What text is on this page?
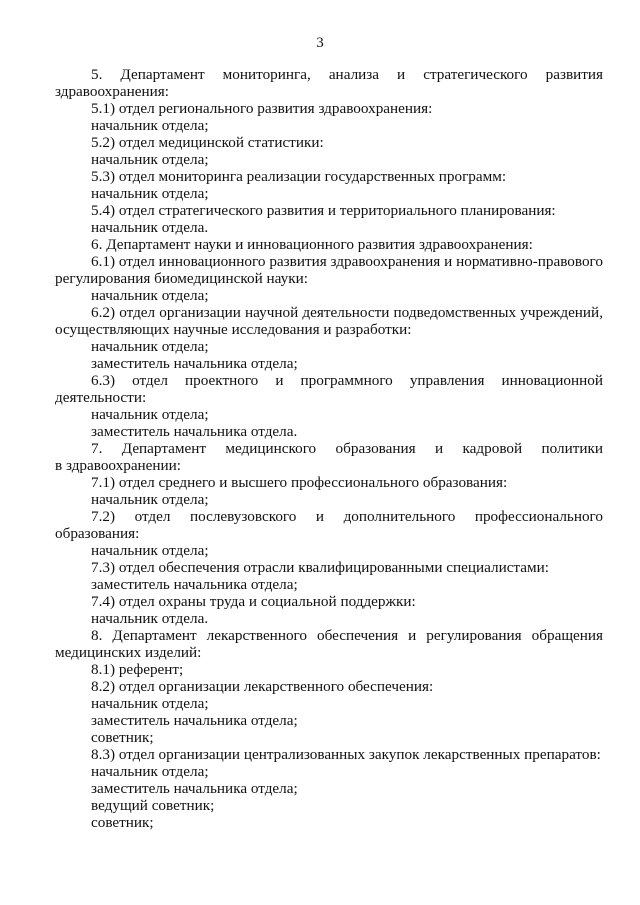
3

5. Департамент мониторинга, анализа и стратегического развития

здравоохранения:

5.1) отдел регионального развития здравоохранения:

начальник отдела;

5.2) отдел медицинской статистики:

начальник отдела;

5.3) отдел мониторинга реализации государственных программ:

начальник отдела;

5.4) отдел стратегического развития и территориального планирования:

начальник отдела.

6. Департамент науки и инновационного развития здравоохранения:

6.1) отдел инновационного развития здравоохранения и нормативно-правового

регулирования биомедицинской науки:

начальник отдела;

6.2) отдел организации научной деятельности подведомственных учреждений,

осуществляющих научные исследования и разработки:

начальник отдела;

заместитель начальника отдела;

6.3) отдел проектного и программного управления инновационной

деятельности:

начальник отдела;

заместитель начальника отдела.

7. Департамент медицинского образования и кадровой политики

в здравоохранении:

7.1) отдел среднего и высшего профессионального образования:

начальник отдела;

7.2) отдел послевузовского и дополнительного профессионального

образования:

начальник отдела;

7.3) отдел обеспечения отрасли квалифицированными специалистами:

заместитель начальника отдела;

7.4) отдел охраны труда и социальной поддержки:

начальник отдела.

8. Департамент лекарственного обеспечения и регулирования обращения

медицинских изделий:

8.1) референт;

8.2) отдел организации лекарственного обеспечения:

начальник отдела;

заместитель начальника отдела;

советник;

8.3) отдел организации централизованных закупок лекарственных препаратов:

начальник отдела;

заместитель начальника отдела;

ведущий советник;

советник;
